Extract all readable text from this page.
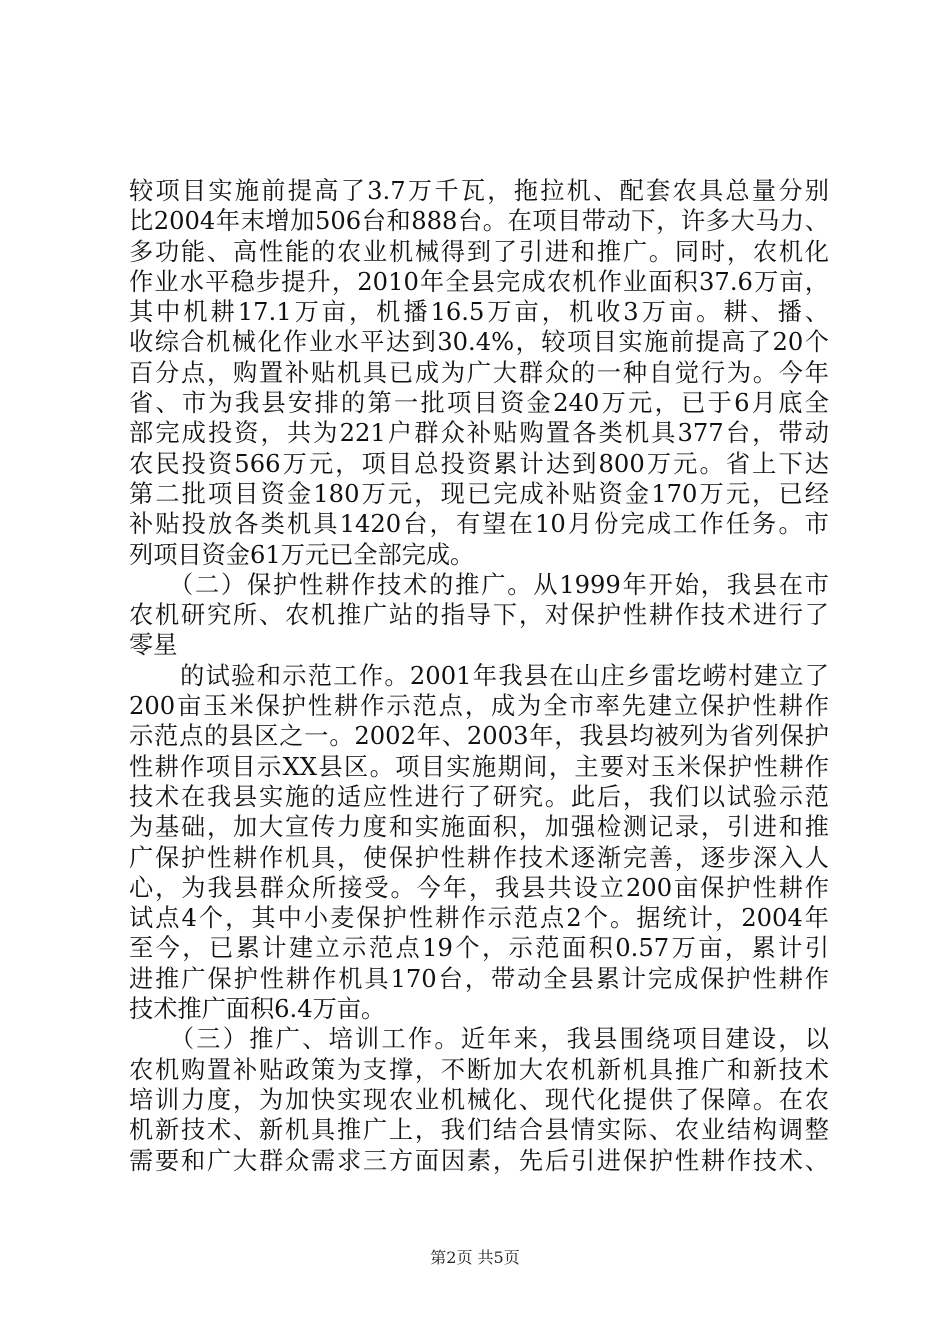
较项目实施前提高了3.7万千瓦，拖拉机、配套农具总量分别
比2004年末增加506台和888台。在项目带动下，许多大马力、
多功能、高性能的农业机械得到了引进和推广。同时，农机化
作业水平稳步提升，2010年全县完成农机作业面积37.6万亩，
其中机耕17.1万亩，机播16.5万亩，机收3万亩。耕、播、
收综合机械化作业水平达到30.4%，较项目实施前提高了20个
百分点，购置补贴机具已成为广大群众的一种自觉行为。今年
省、市为我县安排的第一批项目资金240万元，已于6月底全
部完成投资，共为221户群众补贴购置各类机具377台，带动
农民投资566万元，项目总投资累计达到800万元。省上下达
第二批项目资金180万元，现已完成补贴资金170万元，已经
补贴投放各类机具1420台，有望在10月份完成工作任务。市
列项目资金61万元已全部完成。
　　（二）保护性耕作技术的推广。从1999年开始，我县在市
农机研究所、农机推广站的指导下，对保护性耕作技术进行了
零星
　　的试验和示范工作。2001年我县在山庄乡雷圪崂村建立了
200亩玉米保护性耕作示范点，成为全市率先建立保护性耕作
示范点的县区之一。2002年、2003年，我县均被列为省列保护
性耕作项目示XX县区。项目实施期间，主要对玉米保护性耕作
技术在我县实施的适应性进行了研究。此后，我们以试验示范
为基础，加大宣传力度和实施面积，加强检测记录，引进和推
广保护性耕作机具，使保护性耕作技术逐渐完善，逐步深入人
心，为我县群众所接受。今年，我县共设立200亩保护性耕作
试点4个，其中小麦保护性耕作示范点2个。据统计，2004年
至今，已累计建立示范点19个，示范面积0.57万亩，累计引
进推广保护性耕作机具170台，带动全县累计完成保护性耕作
技术推广面积6.4万亩。
　　（三）推广、培训工作。近年来，我县围绕项目建设，以
农机购置补贴政策为支撑，不断加大农机新机具推广和新技术
培训力度，为加快实现农业机械化、现代化提供了保障。在农
机新技术、新机具推广上，我们结合县情实际、农业结构调整
需要和广大群众需求三方面因素，先后引进保护性耕作技术、
第2页 共5页
